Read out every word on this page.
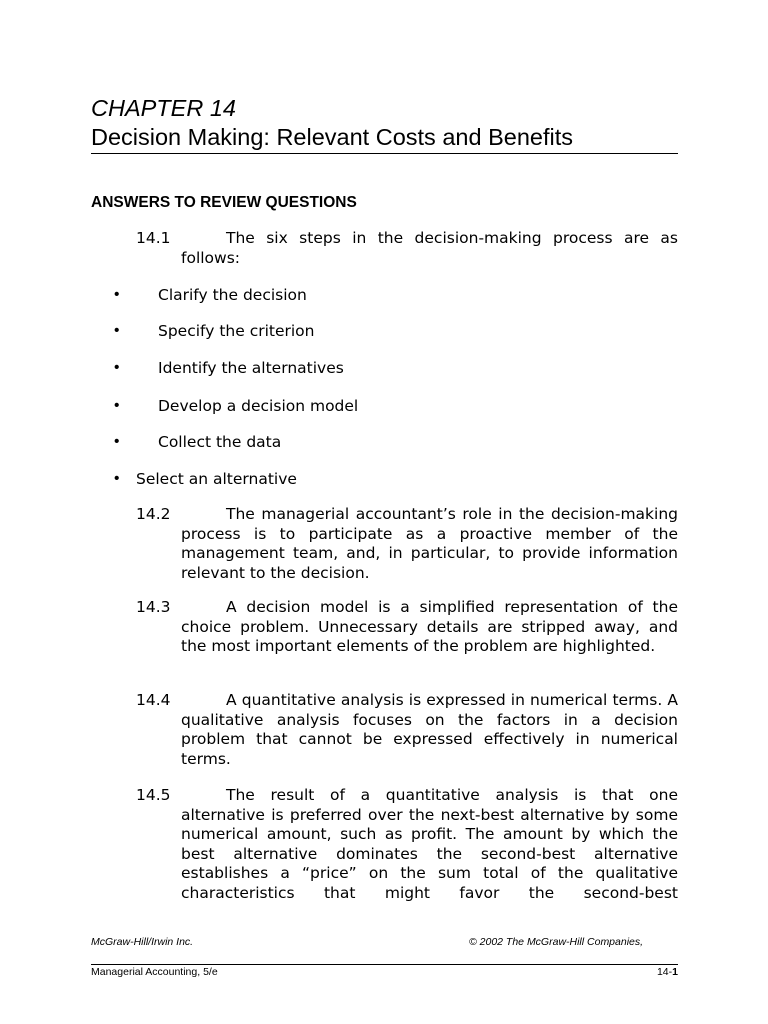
CHAPTER 14
Decision Making: Relevant Costs and Benefits
ANSWERS TO REVIEW QUESTIONS
14.1	The six steps in the decision-making process are as follows:
• Clarify the decision
• Specify the criterion
• Identify the alternatives
• Develop a decision model
• Collect the data
• Select an alternative
14.2	The managerial accountant’s role in the decision-making process is to participate as a proactive member of the management team, and, in particular, to provide information relevant to the decision.
14.3	A decision model is a simplified representation of the choice problem. Unnecessary details are stripped away, and the most important elements of the problem are highlighted.
14.4	A quantitative analysis is expressed in numerical terms. A qualitative analysis focuses on the factors in a decision problem that cannot be expressed effectively in numerical terms.
14.5	The result of a quantitative analysis is that one alternative is preferred over the next-best alternative by some numerical amount, such as profit. The amount by which the best alternative dominates the second-best alternative establishes a “price” on the sum total of the qualitative characteristics that might favor the second-best
McGraw-Hill/Irwin Inc.	© 2002 The McGraw-Hill Companies,
Managerial Accounting, 5/e	14-1
